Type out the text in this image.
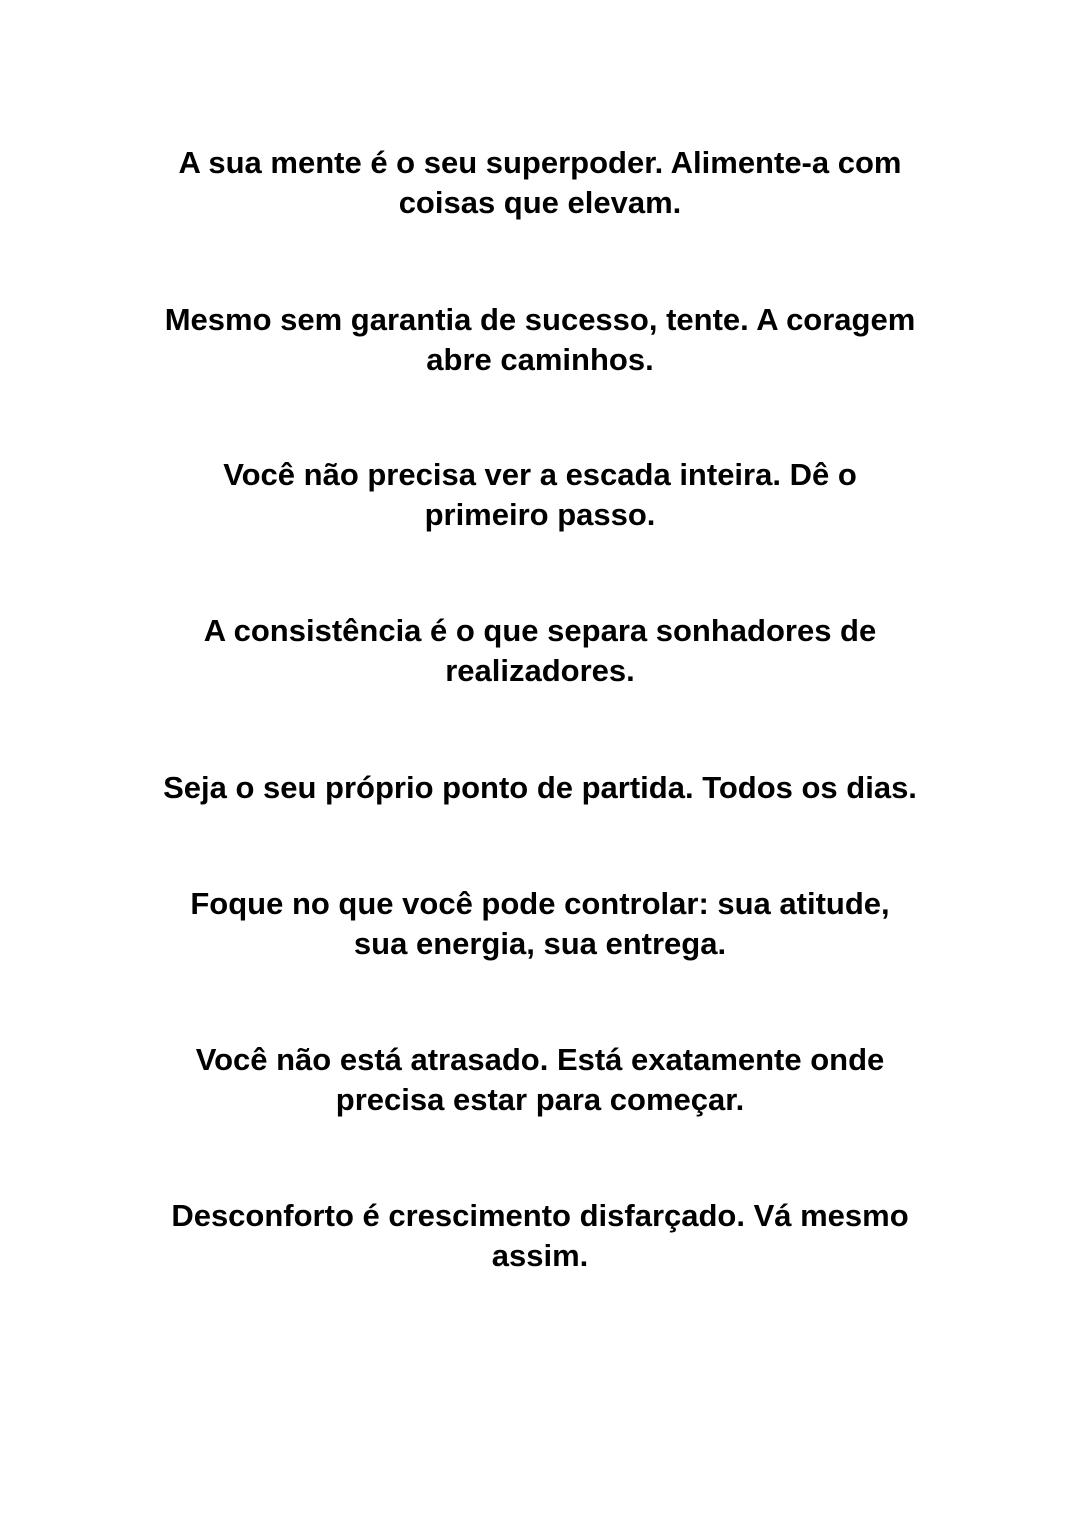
A sua mente é o seu superpoder. Alimente-a com
coisas que elevam.

Mesmo sem garantia de sucesso, tente. A coragem
abre caminhos.

Você não precisa ver a escada inteira. Dê o
primeiro passo.

A consistência é o que separa sonhadores de
realizadores.

Seja o seu próprio ponto de partida. Todos os dias.

Foque no que você pode controlar: sua atitude,
sua energia, sua entrega.

Você não está atrasado. Está exatamente onde
precisa estar para começar.

Desconforto é crescimento disfarçado. Vá mesmo
assim.
